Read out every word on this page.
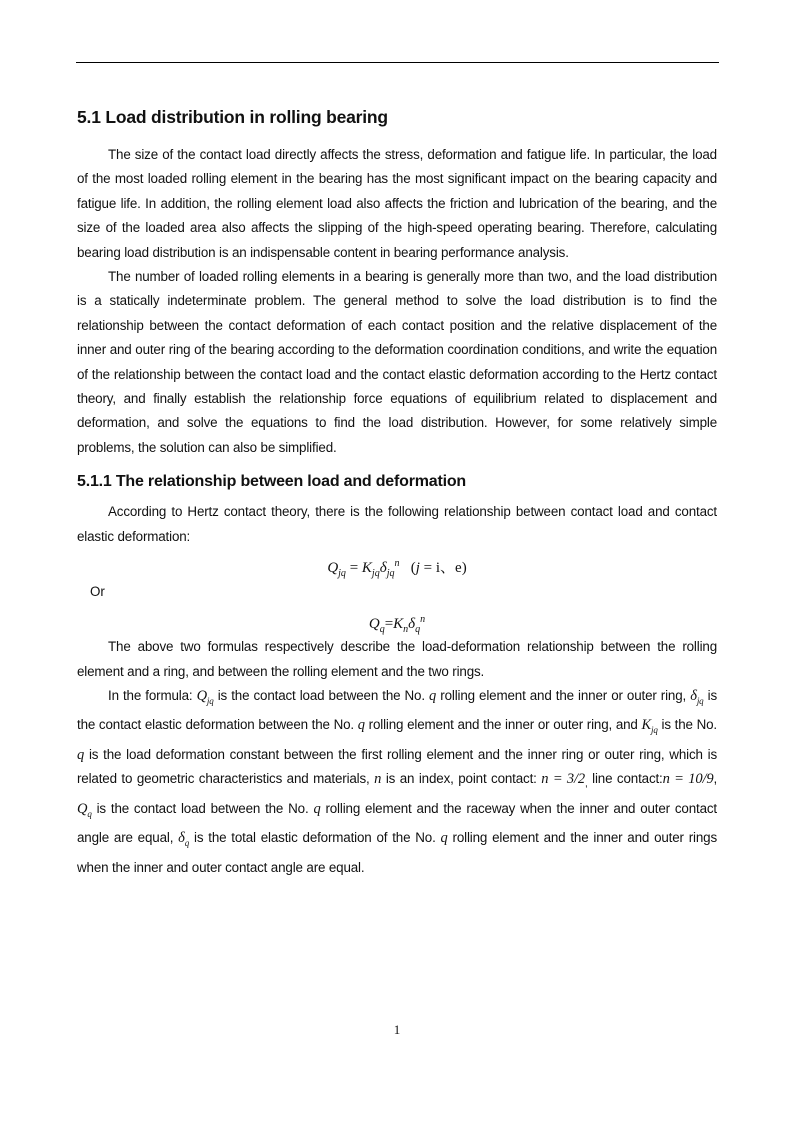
5.1 Load distribution in rolling bearing

The size of the contact load directly affects the stress, deformation and fatigue life. In particular, the load of the most loaded rolling element in the bearing has the most significant impact on the bearing capacity and fatigue life. In addition, the rolling element load also affects the friction and lubrication of the bearing, and the size of the loaded area also affects the slipping of the high-speed operating bearing. Therefore, calculating bearing load distribution is an indispensable content in bearing performance analysis.

The number of loaded rolling elements in a bearing is generally more than two, and the load distribution is a statically indeterminate problem. The general method to solve the load distribution is to find the relationship between the contact deformation of each contact position and the relative displacement of the inner and outer ring of the bearing according to the deformation coordination conditions, and write the equation of the relationship between the contact load and the contact elastic deformation according to the Hertz contact theory, and finally establish the relationship force equations of equilibrium related to displacement and deformation, and solve the equations to find the load distribution. However, for some relatively simple problems, the solution can also be simplified.

5.1.1 The relationship between load and deformation

According to Hertz contact theory, there is the following relationship between contact load and contact elastic deformation:

$Q_{jq} = K_{jq}\delta_{jq}^n$ (j = i、e)
Or
$Q_q=K_n\delta_q^n$

The above two formulas respectively describe the load-deformation relationship between the rolling element and a ring, and between the rolling element and the two rings.

In the formula: $Q_{jq}$ is the contact load between the No. q rolling element and the inner or outer ring, $\delta_{jq}$ is the contact elastic deformation between the No. q rolling element and the inner or outer ring, and $K_{jq}$ is the No. q is the load deformation constant between the first rolling element and the inner ring or outer ring, which is related to geometric characteristics and materials, n is an index, point contact: $n = 3/2_,$ line contact:n = 10/9, $Q_q$ is the contact load between the No. q rolling element and the raceway when the inner and outer contact angle are equal, $\delta_q$ is the total elastic deformation of the No. q rolling element and the inner and outer rings when the inner and outer contact angle are equal.

1
